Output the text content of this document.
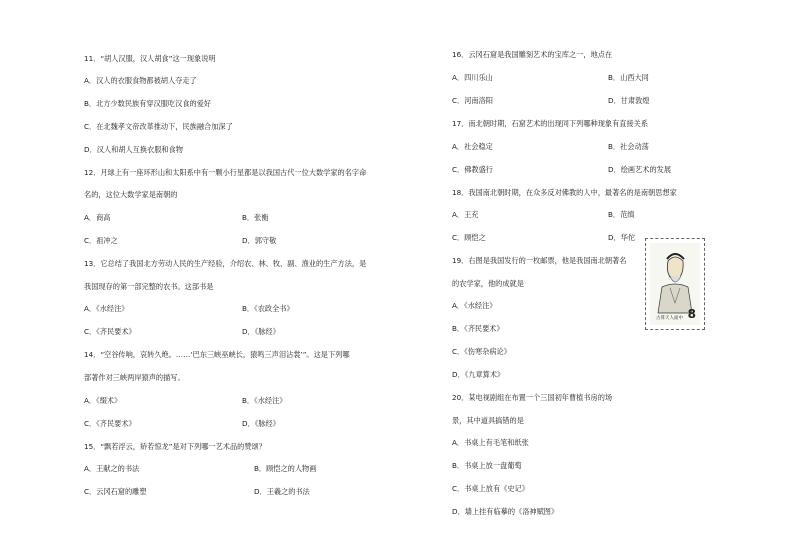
11．“胡人汉服，汉人胡食”这一现象说明
A．汉人的衣服食物都被胡人夺走了
B．北方少数民族有穿汉服吃汉食的爱好
C．在北魏孝文帝改革推动下，民族融合加深了
D．汉人和胡人互换衣服和食物
12．月球上有一座环形山和太阳系中有一颗小行星都是以我国古代一位大数学家的名字命
名的，这位大数学家是南朝的
A．商高	B．张衡
C．祖冲之	D．郭守敬
13．它总结了我国北方劳动人民的生产经验，介绍农、林、牧、副、渔业的生产方法，是
我国现存的第一部完整的农书。这部书是
A．《水经注》	B．《农政全书》
C．《齐民要术》	D．《脉经》
14．“空谷传响，哀转久绝。……‘巴东三峡巫峡长，猿鸣三声泪沾裳’”。这是下列哪
部著作对三峡两岸猿声的描写。
A．《缀术》	B．《水经注》
C．《齐民要术》	D．《脉经》
15．“飘若浮云，矫若惊龙”是对下列哪一艺术品的赞颂？
A．王献之的书法	B．顾恺之的人物画
C．云冈石窟的雕塑	D．王羲之的书法
16．云冈石窟是我国雕刻艺术的宝库之一，地点在
A．四川乐山	B．山西大同
C．河南洛阳	D．甘肃敦煌
17．南北朝时期，石窟艺术的出现同下列哪种现象有直接关系
A．社会稳定	B．社会动荡
C．佛教盛行	D．绘画艺术的发展
18．我国南北朝时期，在众多反对佛教的人中，最著名的是南朝思想家
A．王充	B．范缜
C．顾恺之	D．华佗
19．右图是我国发行的一枚邮票，他是我国南北朝著名
的农学家，他的成就是
A．《水经注》
B．《齐民要术》
C．《伤寒杂病论》
D．《九章算术》
20．某电视剧组在布置一个三国初年曹植书房的场
景，其中道具搞错的是
A．书桌上有毛笔和纸张
B．书桌上放一盘葡萄
C．书桌上放有《史记》
D．墙上挂有临摹的《洛神赋图》
古算天人面中 8
